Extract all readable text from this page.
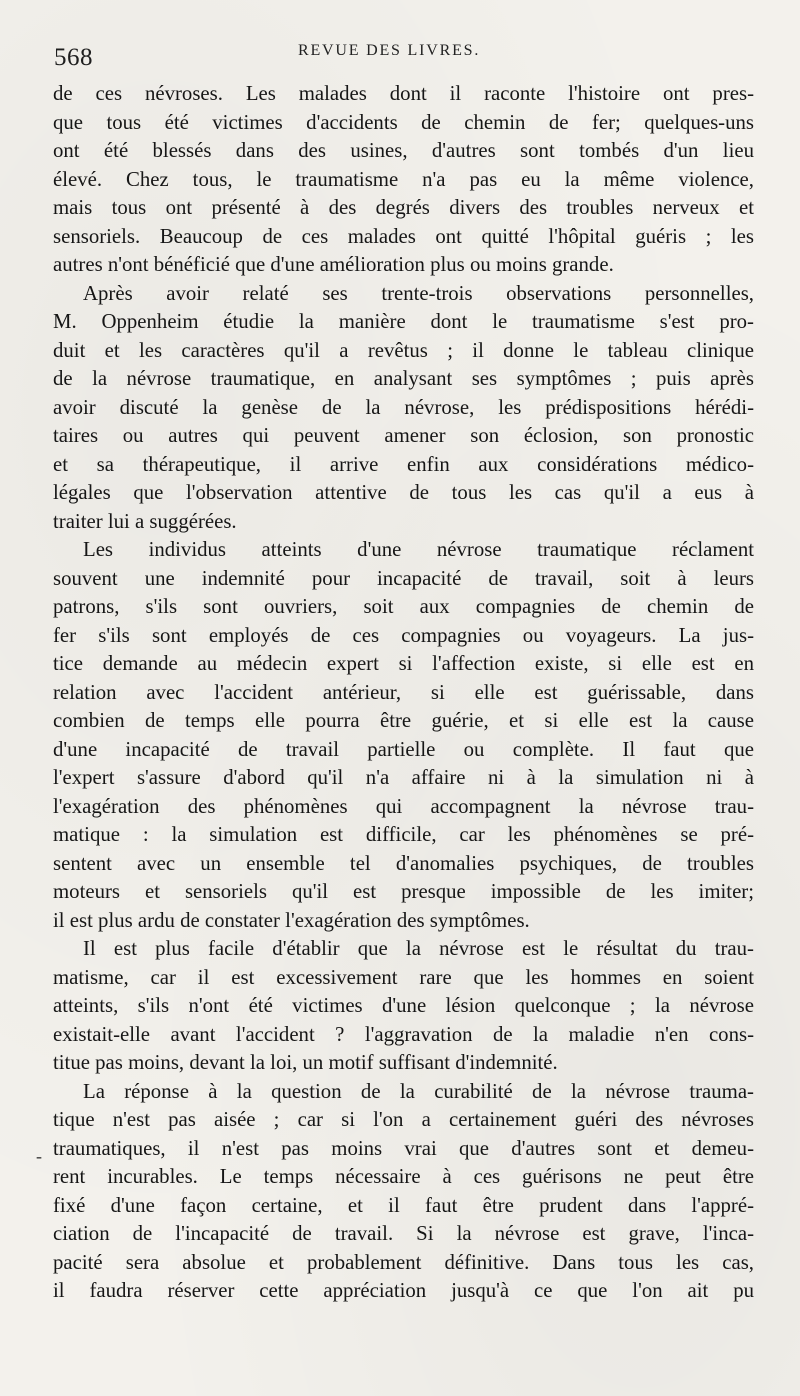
568	REVUE DES LIVRES.
-
de ces névroses. Les malades dont il raconte l'histoire ont pres-
que tous été victimes d'accidents de chemin de fer; quelques-uns
ont été blessés dans des usines, d'autres sont tombés d'un lieu
élevé. Chez tous, le traumatisme n'a pas eu la même violence,
mais tous ont présenté à des degrés divers des troubles nerveux et
sensoriels. Beaucoup de ces malades ont quitté l'hôpital guéris ; les
autres n'ont bénéficié que d'une amélioration plus ou moins grande.
Après avoir relaté ses trente-trois observations personnelles,
M. Oppenheim étudie la manière dont le traumatisme s'est pro-
duit et les caractères qu'il a revêtus ; il donne le tableau clinique
de la névrose traumatique, en analysant ses symptômes ; puis après
avoir discuté la genèse de la névrose, les prédispositions hérédi-
taires ou autres qui peuvent amener son éclosion, son pronostic
et sa thérapeutique, il arrive enfin aux considérations médico-
légales que l'observation attentive de tous les cas qu'il a eus à
traiter lui a suggérées.
Les individus atteints d'une névrose traumatique réclament
souvent une indemnité pour incapacité de travail, soit à leurs
patrons, s'ils sont ouvriers, soit aux compagnies de chemin de
fer s'ils sont employés de ces compagnies ou voyageurs. La jus-
tice demande au médecin expert si l'affection existe, si elle est en
relation avec l'accident antérieur, si elle est guérissable, dans
combien de temps elle pourra être guérie, et si elle est la cause
d'une incapacité de travail partielle ou complète. Il faut que
l'expert s'assure d'abord qu'il n'a affaire ni à la simulation ni à
l'exagération des phénomènes qui accompagnent la névrose trau-
matique : la simulation est difficile, car les phénomènes se pré-
sentent avec un ensemble tel d'anomalies psychiques, de troubles
moteurs et sensoriels qu'il est presque impossible de les imiter;
il est plus ardu de constater l'exagération des symptômes.
Il est plus facile d'établir que la névrose est le résultat du trau-
matisme, car il est excessivement rare que les hommes en soient
atteints, s'ils n'ont été victimes d'une lésion quelconque ; la névrose
existait-elle avant l'accident ? l'aggravation de la maladie n'en cons-
titue pas moins, devant la loi, un motif suffisant d'indemnité.
La réponse à la question de la curabilité de la névrose trauma-
tique n'est pas aisée ; car si l'on a certainement guéri des névroses
traumatiques, il n'est pas moins vrai que d'autres sont et demeu-
rent incurables. Le temps nécessaire à ces guérisons ne peut être
fixé d'une façon certaine, et il faut être prudent dans l'appré-
ciation de l'incapacité de travail. Si la névrose est grave, l'inca-
pacité sera absolue et probablement définitive. Dans tous les cas,
il faudra réserver cette appréciation jusqu'à ce que l'on ait pu
